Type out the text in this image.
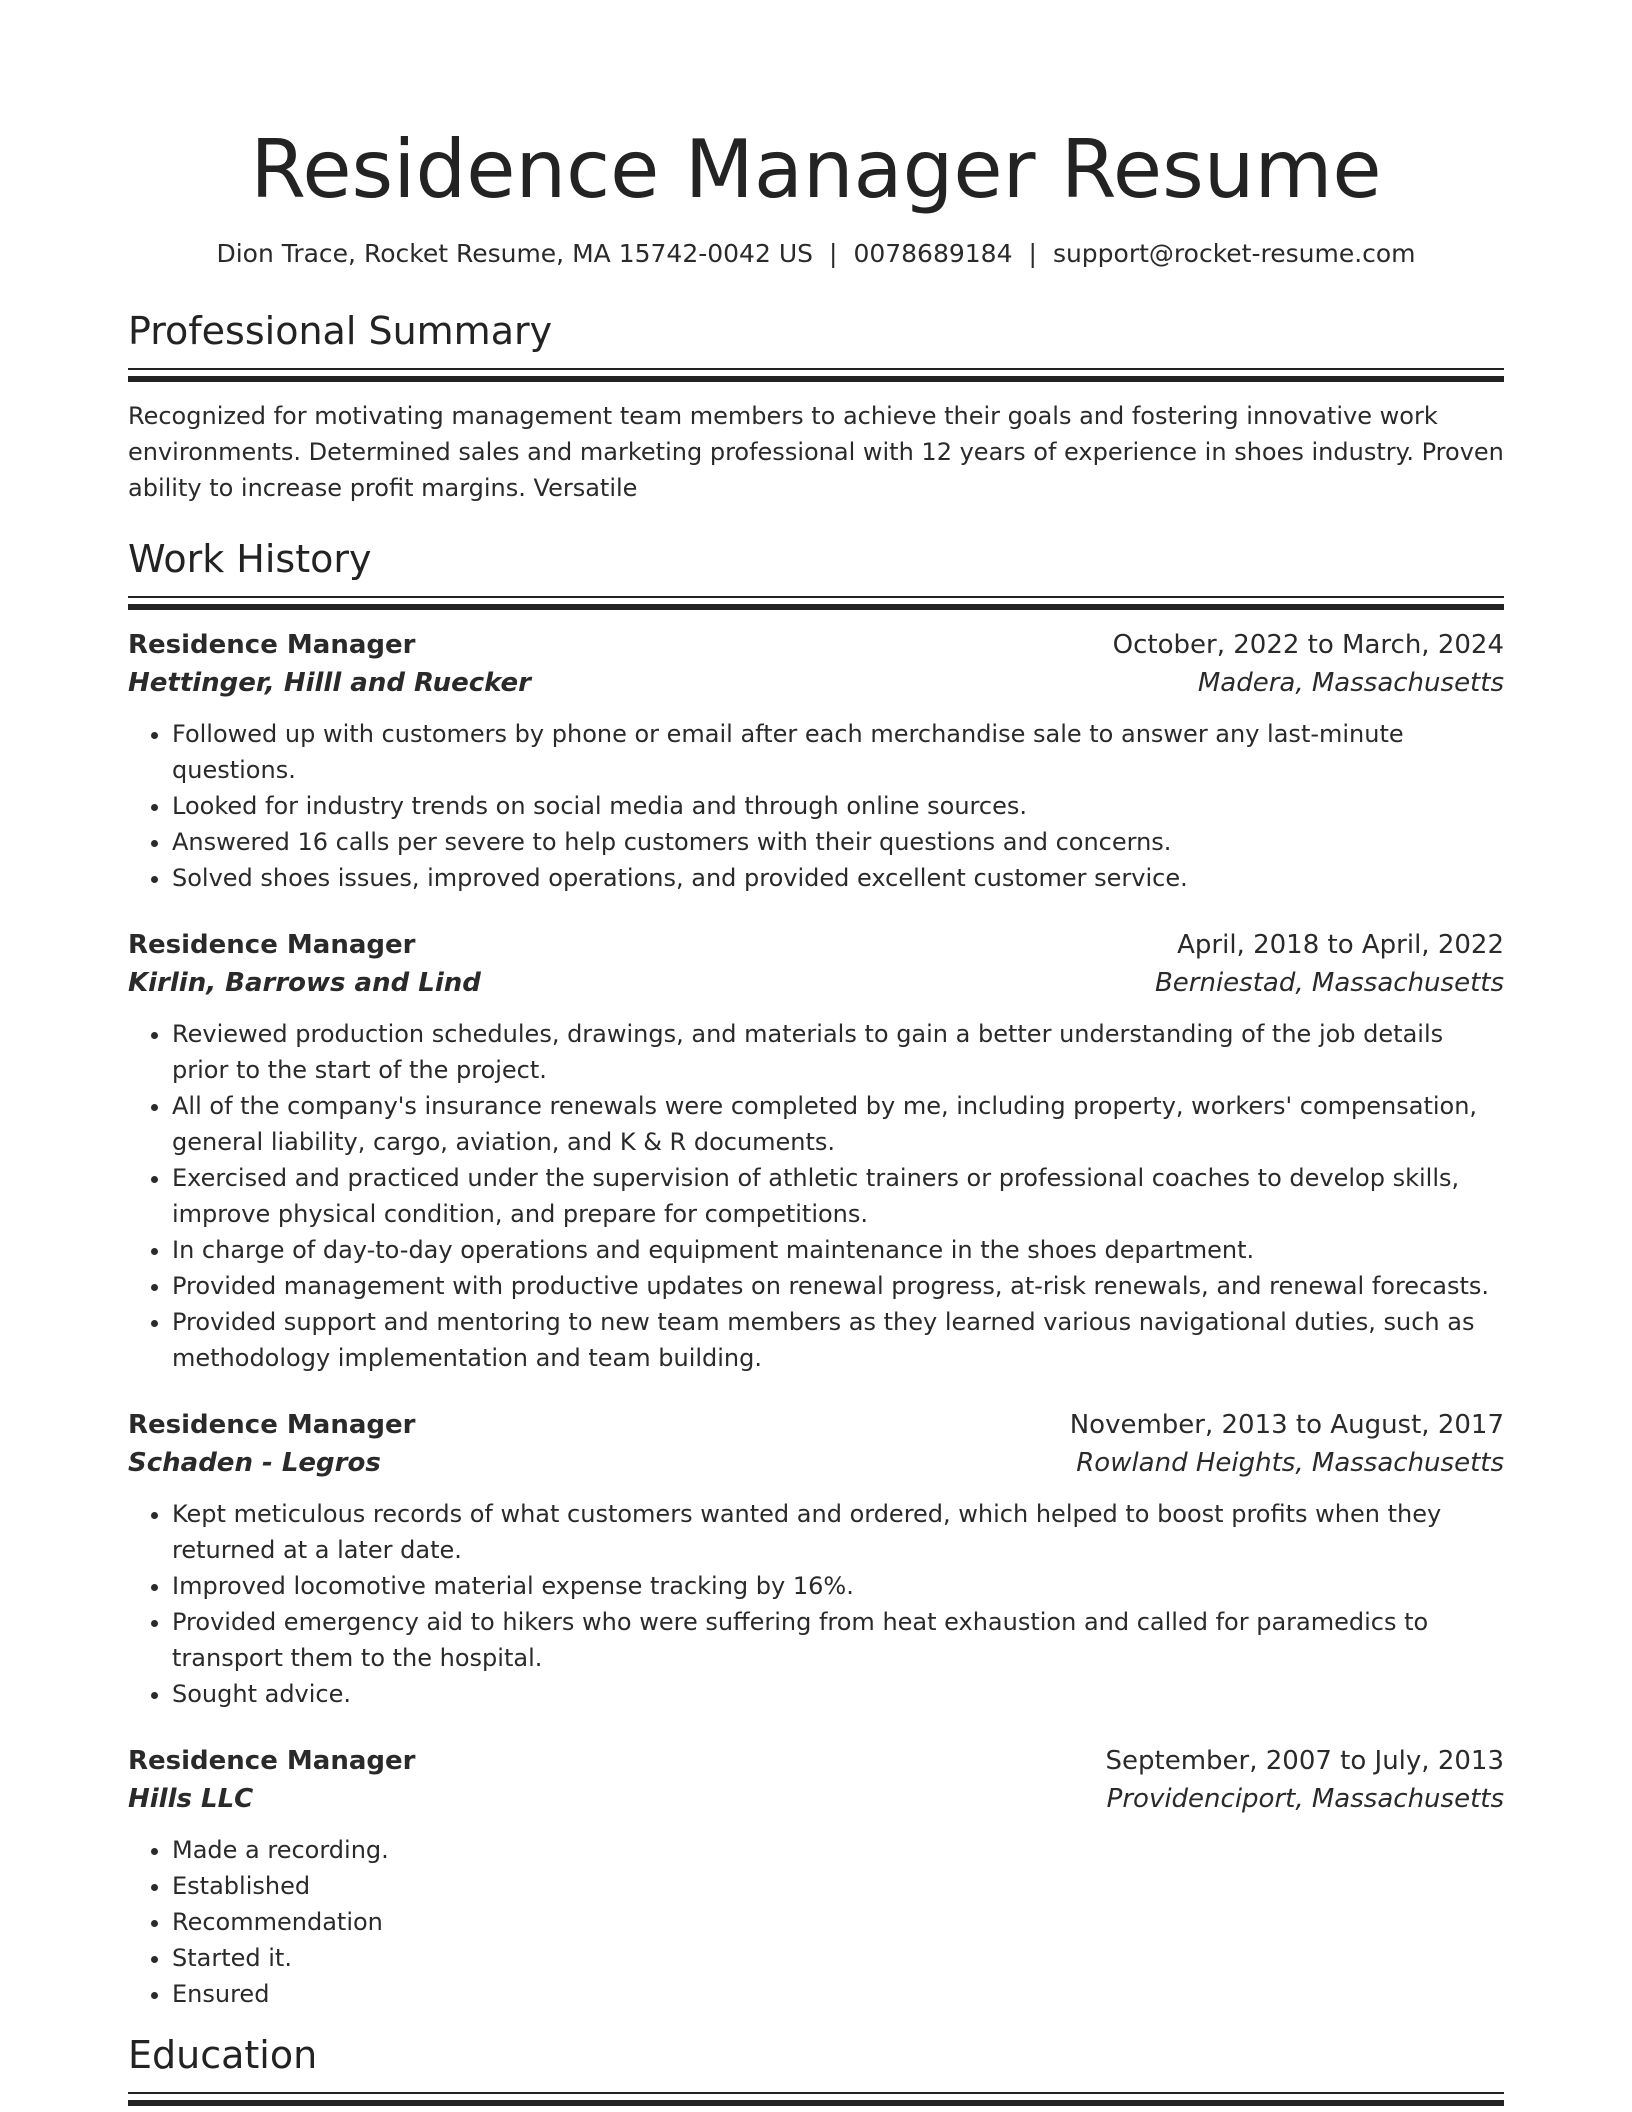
Residence Manager Resume
Dion Trace, Rocket Resume, MA 15742-0042 US | 0078689184 | support@rocket-resume.com
Professional Summary
Recognized for motivating management team members to achieve their goals and fostering innovative work environments. Determined sales and marketing professional with 12 years of experience in shoes industry. Proven ability to increase profit margins. Versatile
Work History
Residence Manager	October, 2022 to March, 2024
Hettinger, Hilll and Ruecker	Madera, Massachusetts
• Followed up with customers by phone or email after each merchandise sale to answer any last-minute questions.
• Looked for industry trends on social media and through online sources.
• Answered 16 calls per severe to help customers with their questions and concerns.
• Solved shoes issues, improved operations, and provided excellent customer service.
Residence Manager	April, 2018 to April, 2022
Kirlin, Barrows and Lind	Berniestad, Massachusetts
• Reviewed production schedules, drawings, and materials to gain a better understanding of the job details prior to the start of the project.
• All of the company's insurance renewals were completed by me, including property, workers' compensation, general liability, cargo, aviation, and K & R documents.
• Exercised and practiced under the supervision of athletic trainers or professional coaches to develop skills, improve physical condition, and prepare for competitions.
• In charge of day-to-day operations and equipment maintenance in the shoes department.
• Provided management with productive updates on renewal progress, at-risk renewals, and renewal forecasts.
• Provided support and mentoring to new team members as they learned various navigational duties, such as methodology implementation and team building.
Residence Manager	November, 2013 to August, 2017
Schaden - Legros	Rowland Heights, Massachusetts
• Kept meticulous records of what customers wanted and ordered, which helped to boost profits when they returned at a later date.
• Improved locomotive material expense tracking by 16%.
• Provided emergency aid to hikers who were suffering from heat exhaustion and called for paramedics to transport them to the hospital.
• Sought advice.
Residence Manager	September, 2007 to July, 2013
Hills LLC	Providenciport, Massachusetts
• Made a recording.
• Established
• Recommendation
• Started it.
• Ensured
Education
